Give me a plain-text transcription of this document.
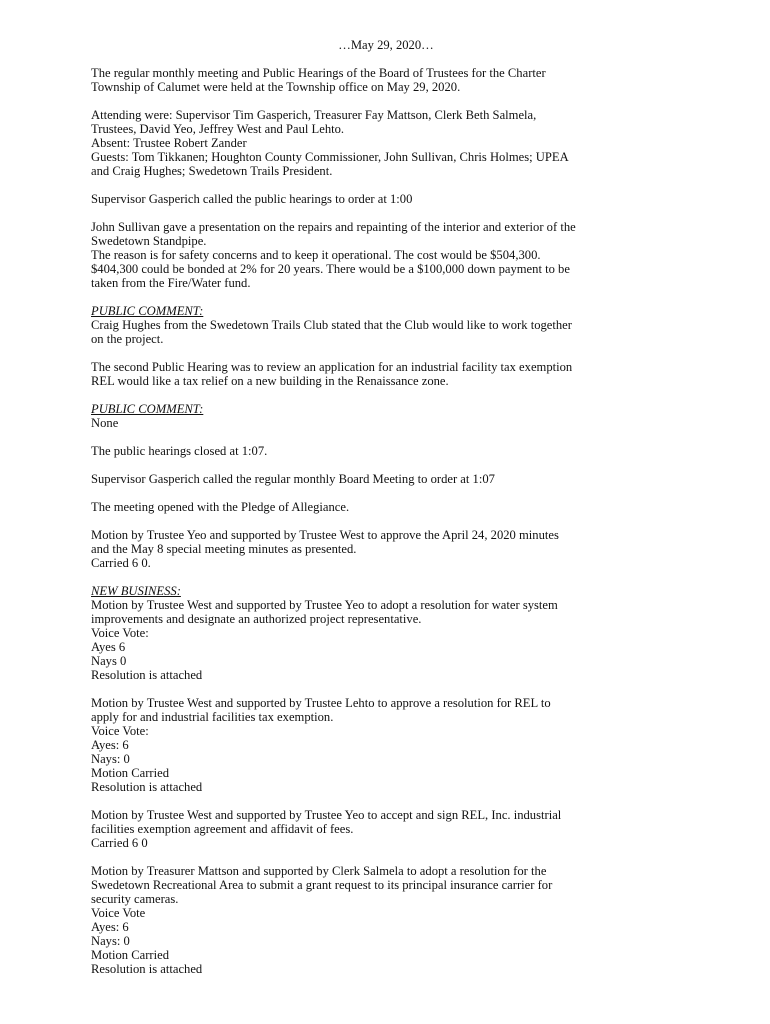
…May 29, 2020…
The regular monthly meeting and Public Hearings of the Board of Trustees for the Charter
Township of Calumet were held at the Township office on May 29, 2020.
Attending were: Supervisor Tim Gasperich, Treasurer Fay Mattson, Clerk Beth Salmela,
Trustees, David Yeo, Jeffrey West and Paul Lehto.
Absent: Trustee Robert Zander
Guests: Tom Tikkanen; Houghton County Commissioner, John Sullivan, Chris Holmes; UPEA
and Craig Hughes; Swedetown Trails President.
Supervisor Gasperich called the public hearings to order at 1:00
John Sullivan gave a presentation on the repairs and repainting of the interior and exterior of the
Swedetown Standpipe.
The reason is for safety concerns and to keep it operational. The cost would be $504,300.
$404,300 could be bonded at 2% for 20 years. There would be a $100,000 down payment to be
taken from the Fire/Water fund.
PUBLIC COMMENT:
Craig Hughes from the Swedetown Trails Club stated that the Club would like to work together
on the project.
The second Public Hearing was to review an application for an industrial facility tax exemption
REL would like a tax relief on a new building in the Renaissance zone.
PUBLIC COMMENT:
None
The public hearings closed at 1:07.
Supervisor Gasperich called the regular monthly Board Meeting to order at 1:07
The meeting opened with the Pledge of Allegiance.
Motion by Trustee Yeo and supported by Trustee West to approve the April 24, 2020 minutes
and the May 8 special meeting minutes as presented.
Carried 6 0.
NEW BUSINESS:
Motion by Trustee West and supported by Trustee Yeo to adopt a resolution for water system
improvements and designate an authorized project representative.
Voice Vote:
Ayes 6
Nays 0
Resolution is attached
Motion by Trustee West and supported by Trustee Lehto to approve a resolution for REL to
apply for and industrial facilities tax exemption.
Voice Vote:
Ayes: 6
Nays: 0
Motion Carried
Resolution is attached
Motion by Trustee West and supported by Trustee Yeo to accept and sign REL, Inc. industrial
facilities exemption agreement and affidavit of fees.
Carried 6 0
Motion by Treasurer Mattson and supported by Clerk Salmela to adopt a resolution for the
Swedetown Recreational Area to submit a grant request to its principal insurance carrier for
security cameras.
Voice Vote
Ayes: 6
Nays: 0
Motion Carried
Resolution is attached
